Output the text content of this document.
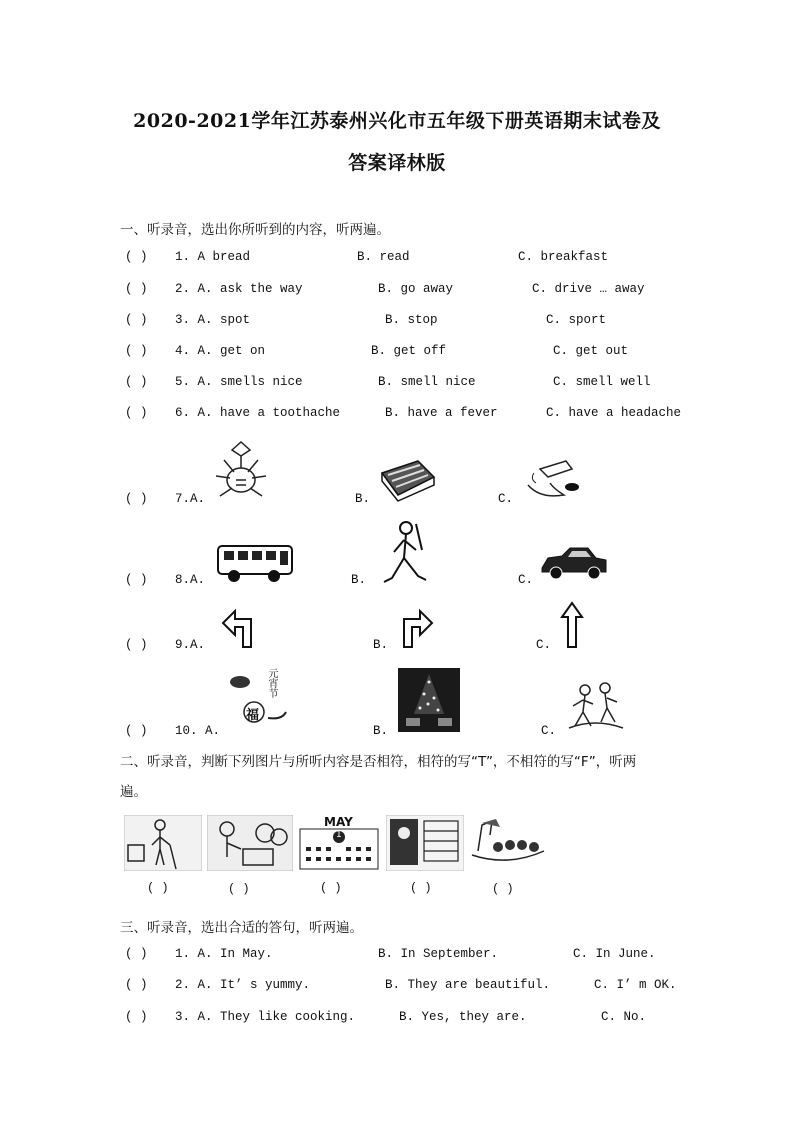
2020-2021学年江苏泰州兴化市五年级下册英语期末试卷及
答案译林版
一、听录音，选出你所听到的内容，听两遍。
( ) 1. A bread	B. read	C. breakfast
( ) 2. A. ask the way	B. go away	C. drive … away
( ) 3. A. spot	B. stop	C. sport
( ) 4. A. get on	B. get off	C. get out
( ) 5. A. smells nice	B. smell nice	C. smell well
( ) 6. A. have a toothache	B. have a fever	C. have a headache
( ) 7.A.	B.	C.
( ) 8.A.	B.	C.
( ) 9.A.	B.	C.
( ) 10. A.	B.	C.
元宵节
福
二、听录音，判断下列图片与所听内容是否相符，相符的写“T”，不相符的写“F”，听两
遍。
MAY
1
( )	( )	( )	( )	( )
三、听录音，选出合适的答句，听两遍。
( ) 1. A. In May.	B. In September.	C. In June.
( ) 2. A. It’ s yummy.	B. They are beautiful.	C. I’ m OK.
( ) 3. A. They like cooking.	B. Yes, they are.	C. No.
